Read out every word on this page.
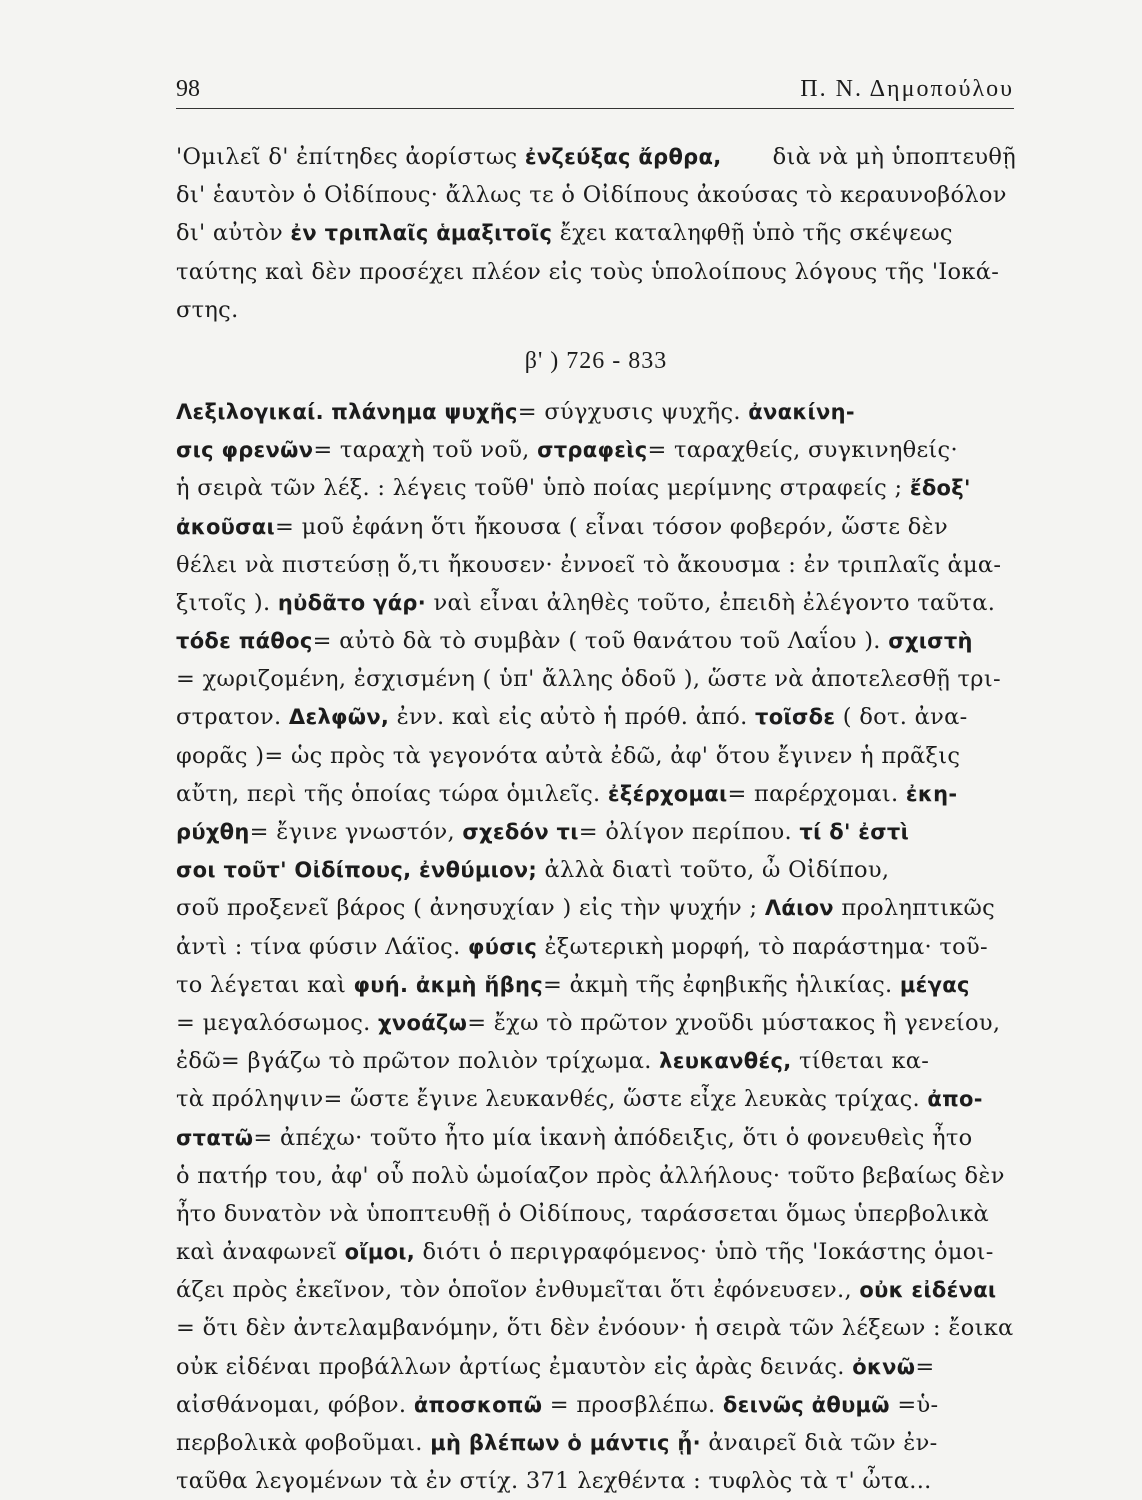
98	Π. Ν. Δημοπούλου
'Ομιλεῖ δ' ἐπίτηδες ἀορίστως ἐνζεύξας ἄρθρα, διὰ νὰ μὴ ὑποπτευθῇ
δι' ἑαυτὸν ὁ Οἰδίπους· ἄλλως τε ὁ Οἰδίπους ἀκούσας τὸ κεραυνοβόλον
δι' αὐτὸν ἐν τριπλαῖς ἁμαξιτοῖς ἔχει καταληφθῇ ὑπὸ τῆς σκέψεως
ταύτης καὶ δὲν προσέχει πλέον εἰς τοὺς ὑπολοίπους λόγους τῆς 'Ιοκά-
στης.
β' ) 726 - 833
Λεξιλογικαί. πλάνημα ψυχῆς= σύγχυσις ψυχῆς. ἀνακίνη-
σις φρενῶν= ταραχὴ τοῦ νοῦ, στραφεὶς= ταραχθείς, συγκινηθείς·
ἡ σειρὰ τῶν λέξ. : λέγεις τοῦθ' ὑπὸ ποίας μερίμνης στραφείς ; ἔδοξ'
ἀκοῦσαι= μοῦ ἐφάνη ὅτι ἤκουσα ( εἶναι τόσον φοβερόν, ὥστε δὲν
θέλει νὰ πιστεύσῃ ὅ,τι ἤκουσεν· ἐννοεῖ τὸ ἄκουσμα : ἐν τριπλαῖς ἁμα-
ξιτοῖς ). ηὐδᾶτο γάρ· ναὶ εἶναι ἀληθὲς τοῦτο, ἐπειδὴ ἐλέγοντο ταῦτα.
τόδε πάθος= αὐτὸ δὰ τὸ συμβὰν ( τοῦ θανάτου τοῦ Λαΐου ). σχιστὴ
= χωριζομένη, ἐσχισμένη ( ὑπ' ἄλλης ὁδοῦ ), ὥστε νὰ ἀποτελεσθῇ τρι-
στρατον. Δελφῶν, ἐνν. καὶ εἰς αὐτὸ ἡ πρόθ. ἀπό. τοῖσδε ( δοτ. ἀνα-
φορᾶς )= ὡς πρὸς τὰ γεγονότα αὐτὰ ἐδῶ, ἀφ' ὅτου ἔγινεν ἡ πρᾶξις
αὔτη, περὶ τῆς ὁποίας τώρα ὁμιλεῖς. ἐξέρχομαι= παρέρχομαι. ἐκη-
ρύχθη= ἔγινε γνωστόν, σχεδόν τι= ὀλίγον περίπου. τί δ' ἐστὶ
σοι τοῦτ' Οἰδίπους, ἐνθύμιον; ἀλλὰ διατὶ τοῦτο, ὦ Οἰδίπου,
σοῦ προξενεῖ βάρος ( ἀνησυχίαν ) εἰς τὴν ψυχήν ; Λάιον προληπτικῶς
ἀντὶ : τίνα φύσιν Λάϊος. φύσις ἐξωτερικὴ μορφή, τὸ παράστημα· τοῦ-
το λέγεται καὶ φυή. ἀκμὴ ἥβης= ἀκμὴ τῆς ἐφηβικῆς ἡλικίας. μέγας
= μεγαλόσωμος. χνοάζω= ἔχω τὸ πρῶτον χνοῦδι μύστακος ἢ γενείου,
ἐδῶ= βγάζω τὸ πρῶτον πολιὸν τρίχωμα. λευκανθές, τίθεται κα-
τὰ πρόληψιν= ὥστε ἔγινε λευκανθές, ὥστε εἶχε λευκὰς τρίχας. ἀπο-
στατῶ= ἀπέχω· τοῦτο ἦτο μία ἱκανὴ ἀπόδειξις, ὅτι ὁ φονευθεὶς ἦτο
ὁ πατήρ του, ἀφ' οὗ πολὺ ὡμοίαζον πρὸς ἀλλήλους· τοῦτο βεβαίως δὲν
ἦτο δυνατὸν νὰ ὑποπτευθῇ ὁ Οἰδίπους, ταράσσεται ὅμως ὑπερβολικὰ
καὶ ἀναφωνεῖ οἴμοι, διότι ὁ περιγραφόμενος· ὑπὸ τῆς 'Ιοκάστης ὁμοι-
άζει πρὸς ἐκεῖνον, τὸν ὁποῖον ἐνθυμεῖται ὅτι ἐφόνευσεν., οὐκ εἰδέναι
= ὅτι δὲν ἀντελαμβανόμην, ὅτι δὲν ἐνόουν· ἡ σειρὰ τῶν λέξεων : ἔοικα
οὐκ εἰδέναι προβάλλων ἀρτίως ἐμαυτὸν εἰς ἀρὰς δεινάς. ὀκνῶ=
αἰσθάνομαι, φόβον. ἀποσκοπῶ = προσβλέπω. δεινῶς ἀθυμῶ =ὑ-
περβολικὰ φοβοῦμαι. μὴ βλέπων ὁ μάντις ᾖ· ἀναιρεῖ διὰ τῶν ἐν-
ταῦθα λεγομένων τὰ ἐν στίχ. 371 λεχθέντα : τυφλὸς τὰ τ' ὦτα...
